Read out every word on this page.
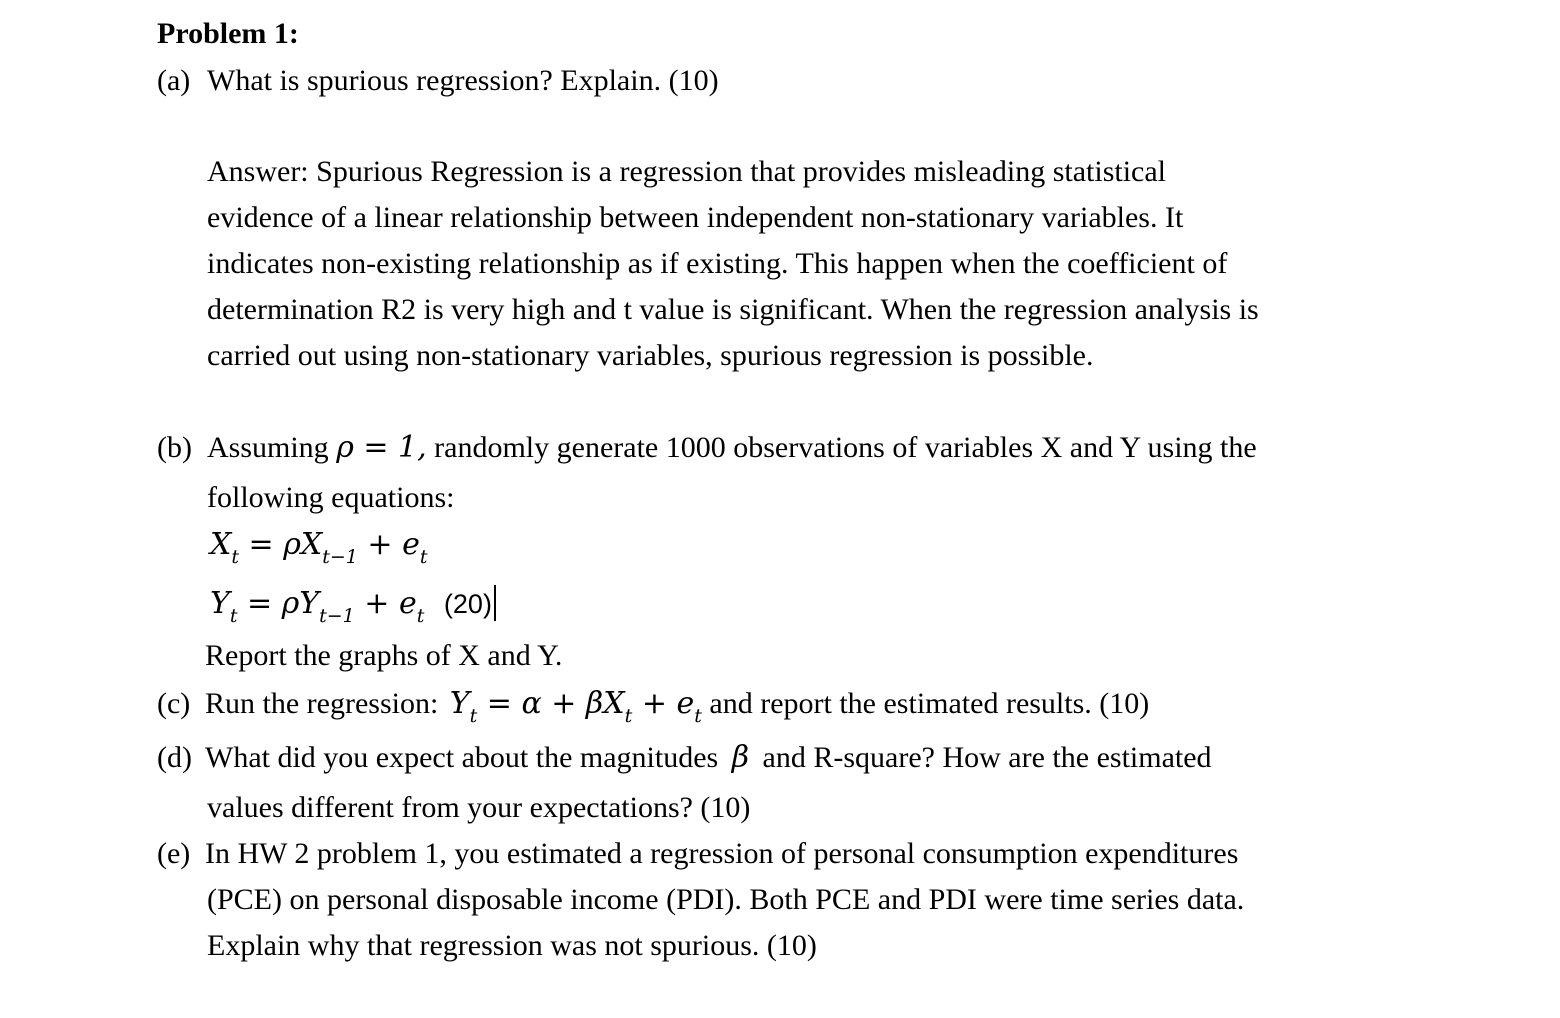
Problem 1:
(a) What is spurious regression? Explain. (10)
Answer: Spurious Regression is a regression that provides misleading statistical
evidence of a linear relationship between independent non-stationary variables. It
indicates non-existing relationship as if existing. This happen when the coefficient of
determination R2 is very high and t value is significant. When the regression analysis is
carried out using non-stationary variables, spurious regression is possible.
(b) Assuming ρ = 1, randomly generate 1000 observations of variables X and Y using the
following equations:
$X_t = \rho X_{t-1} + e_t$
$Y_t = \rho Y_{t-1} + e_t$ (20)
Report the graphs of X and Y.
(c) Run the regression: $Y_t = \alpha + \beta X_t + e_t$ and report the estimated results. (10)
(d) What did you expect about the magnitudes β and R-square? How are the estimated
values different from your expectations? (10)
(e) In HW 2 problem 1, you estimated a regression of personal consumption expenditures
(PCE) on personal disposable income (PDI). Both PCE and PDI were time series data.
Explain why that regression was not spurious. (10)
